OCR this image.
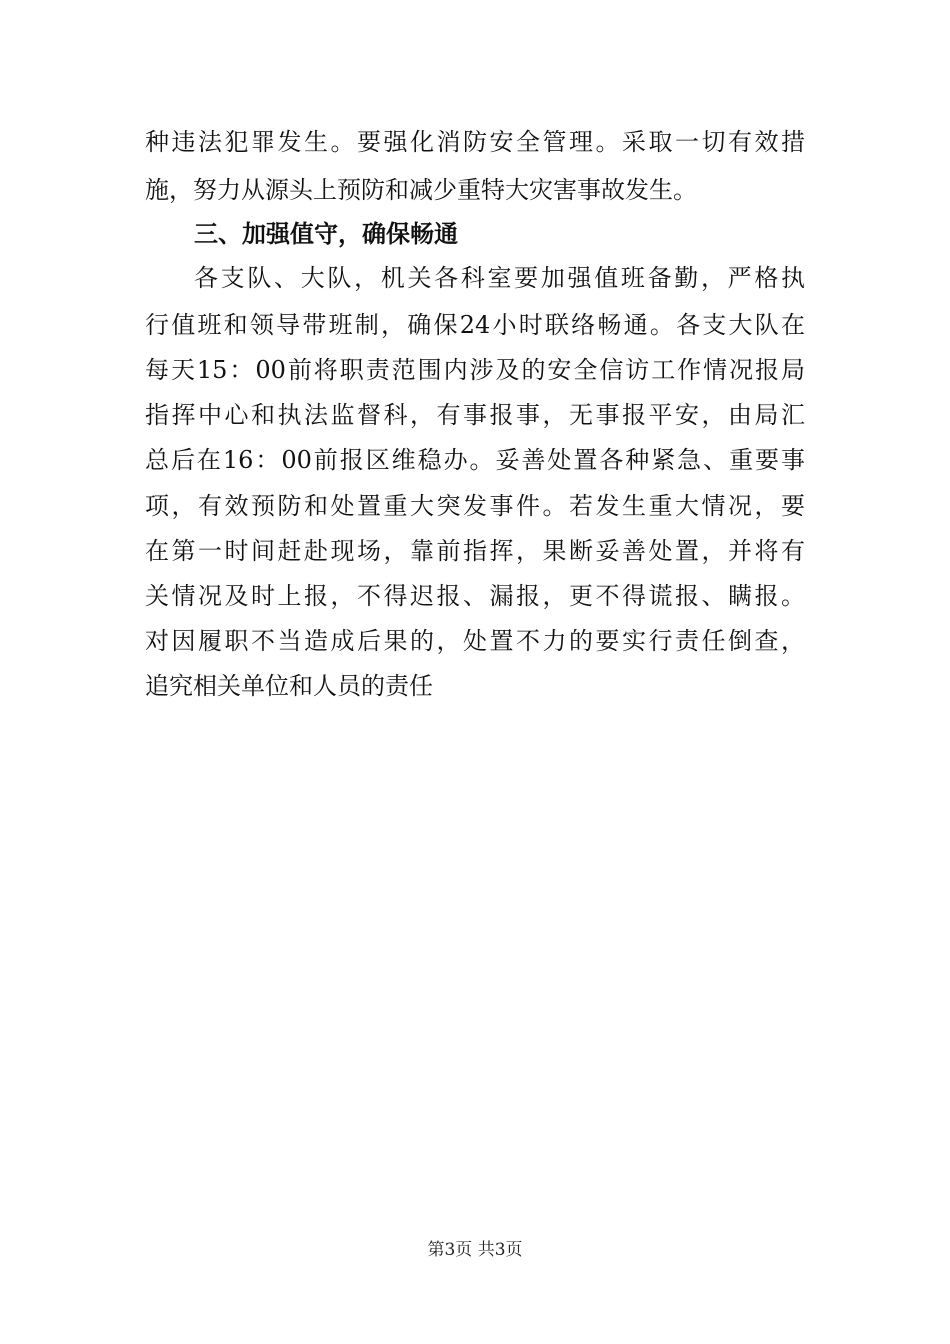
种违法犯罪发生。要强化消防安全管理。采取一切有效措
施，努力从源头上预防和减少重特大灾害事故发生。
三、加强值守，确保畅通
各支队、大队，机关各科室要加强值班备勤，严格执
行值班和领导带班制，确保24小时联络畅通。各支大队在
每天15：00前将职责范围内涉及的安全信访工作情况报局
指挥中心和执法监督科，有事报事，无事报平安，由局汇
总后在16：00前报区维稳办。妥善处置各种紧急、重要事
项，有效预防和处置重大突发事件。若发生重大情况，要
在第一时间赶赴现场，靠前指挥，果断妥善处置，并将有
关情况及时上报，不得迟报、漏报，更不得谎报、瞒报。
对因履职不当造成后果的，处置不力的要实行责任倒查，
追究相关单位和人员的责任
第3页 共3页
